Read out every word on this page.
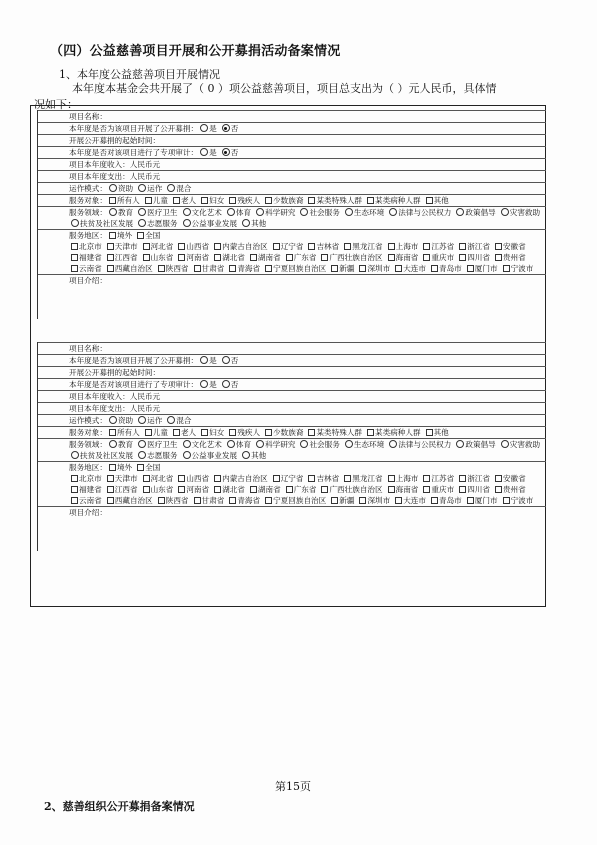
（四）公益慈善项目开展和公开募捐活动备案情况
1、本年度公益慈善项目开展情况
本年度本基金会共开展了（ 0 ）项公益慈善项目，项目总支出为（ ）元人民币，具体情
况如下：
项目名称：
本年度是否为该项目开展了公开募捐： 是 否
开展公开募捐的起始时间：
本年度是否对该项目进行了专项审计： 是 否
项目本年度收入：人民币元
项目本年度支出：人民币元
运作模式： 资助 运作 混合
服务对象： 所有人 儿童 老人 妇女 残疾人 少数族裔 某类特殊人群 某类病种人群 其他
服务领域： 教育 医疗卫生 文化艺术 体育 科学研究 社会服务 生态环境 法律与公民权力 政策倡导 灾害救助扶贫及社区发展 志愿服务 公益事业发展 其他
服务地区： 境外 全国
北京市 天津市 河北省 山西省 内蒙古自治区 辽宁省 吉林省 黑龙江省 上海市 江苏省 浙江省 安徽省福建省 江西省 山东省 河南省 湖北省 湖南省 广东省 广西壮族自治区 海南省 重庆市 四川省 贵州省云南省 西藏自治区 陕西省 甘肃省 青海省 宁夏回族自治区 新疆 深圳市 大连市 青岛市 厦门市 宁波市
项目介绍：
项目名称：
本年度是否为该项目开展了公开募捐： 是 否
开展公开募捐的起始时间：
本年度是否对该项目进行了专项审计： 是 否
项目本年度收入：人民币元
项目本年度支出：人民币元
运作模式： 资助 运作 混合
服务对象： 所有人 儿童 老人 妇女 残疾人 少数族裔 某类特殊人群 某类病种人群 其他
服务领域： 教育 医疗卫生 文化艺术 体育 科学研究 社会服务 生态环境 法律与公民权力 政策倡导 灾害救助扶贫及社区发展 志愿服务 公益事业发展 其他
服务地区： 境外 全国
北京市 天津市 河北省 山西省 内蒙古自治区 辽宁省 吉林省 黑龙江省 上海市 江苏省 浙江省 安徽省福建省 江西省 山东省 河南省 湖北省 湖南省 广东省 广西壮族自治区 海南省 重庆市 四川省 贵州省云南省 西藏自治区 陕西省 甘肃省 青海省 宁夏回族自治区 新疆 深圳市 大连市 青岛市 厦门市 宁波市
项目介绍：
第15页
2、慈善组织公开募捐备案情况
